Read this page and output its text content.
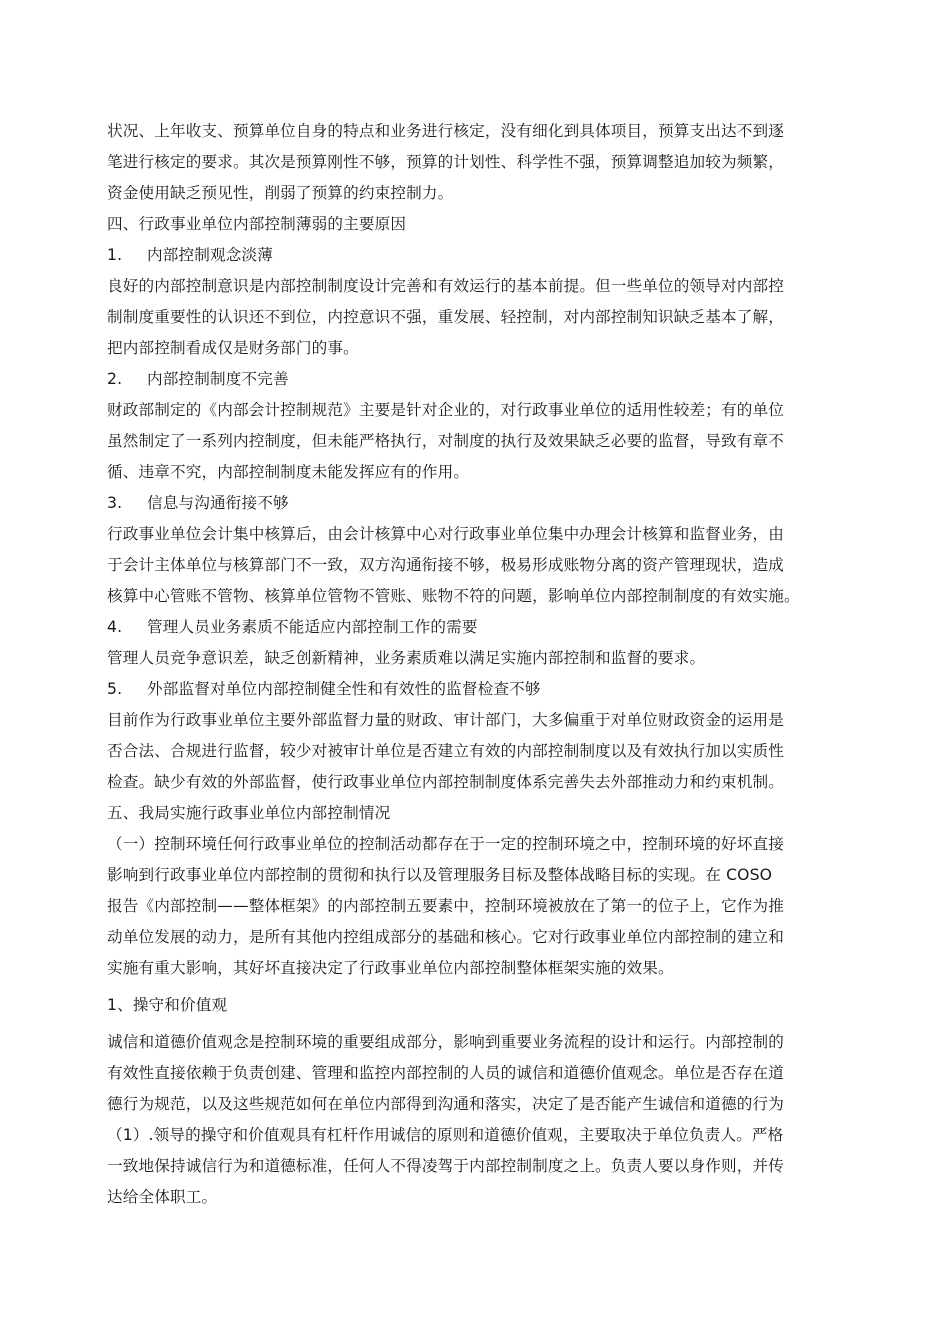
状况、上年收支、预算单位自身的特点和业务进行核定，没有细化到具体项目，预算支出达不到逐
笔进行核定的要求。其次是预算刚性不够，预算的计划性、科学性不强，预算调整追加较为频繁，
资金使用缺乏预见性，削弱了预算的约束控制力。
四、行政事业单位内部控制薄弱的主要原因
1. 内部控制观念淡薄
良好的内部控制意识是内部控制制度设计完善和有效运行的基本前提。但一些单位的领导对内部控
制制度重要性的认识还不到位，内控意识不强，重发展、轻控制，对内部控制知识缺乏基本了解，
把内部控制看成仅是财务部门的事。
2. 内部控制制度不完善
财政部制定的《内部会计控制规范》主要是针对企业的，对行政事业单位的适用性较差；有的单位
虽然制定了一系列内控制度，但未能严格执行，对制度的执行及效果缺乏必要的监督，导致有章不
循、违章不究，内部控制制度未能发挥应有的作用。
3. 信息与沟通衔接不够
行政事业单位会计集中核算后，由会计核算中心对行政事业单位集中办理会计核算和监督业务，由
于会计主体单位与核算部门不一致，双方沟通衔接不够，极易形成账物分离的资产管理现状，造成
核算中心管账不管物、核算单位管物不管账、账物不符的问题，影响单位内部控制制度的有效实施。
4. 管理人员业务素质不能适应内部控制工作的需要
管理人员竞争意识差，缺乏创新精神，业务素质难以满足实施内部控制和监督的要求。
5. 外部监督对单位内部控制健全性和有效性的监督检查不够
目前作为行政事业单位主要外部监督力量的财政、审计部门，大多偏重于对单位财政资金的运用是
否合法、合规进行监督，较少对被审计单位是否建立有效的内部控制制度以及有效执行加以实质性
检查。缺少有效的外部监督，使行政事业单位内部控制制度体系完善失去外部推动力和约束机制。
五、我局实施行政事业单位内部控制情况
（一）控制环境任何行政事业单位的控制活动都存在于一定的控制环境之中，控制环境的好坏直接
影响到行政事业单位内部控制的贯彻和执行以及管理服务目标及整体战略目标的实现。在 COSO
报告《内部控制——整体框架》的内部控制五要素中，控制环境被放在了第一的位子上，它作为推
动单位发展的动力，是所有其他内控组成部分的基础和核心。它对行政事业单位内部控制的建立和
实施有重大影响，其好坏直接决定了行政事业单位内部控制整体框架实施的效果。
1、操守和价值观
诚信和道德价值观念是控制环境的重要组成部分，影响到重要业务流程的设计和运行。内部控制的
有效性直接依赖于负责创建、管理和监控内部控制的人员的诚信和道德价值观念。单位是否存在道
德行为规范，以及这些规范如何在单位内部得到沟通和落实，决定了是否能产生诚信和道德的行为
（1）.领导的操守和价值观具有杠杆作用诚信的原则和道德价值观，主要取决于单位负责人。严格
一致地保持诚信行为和道德标准，任何人不得凌驾于内部控制制度之上。负责人要以身作则，并传
达给全体职工。
